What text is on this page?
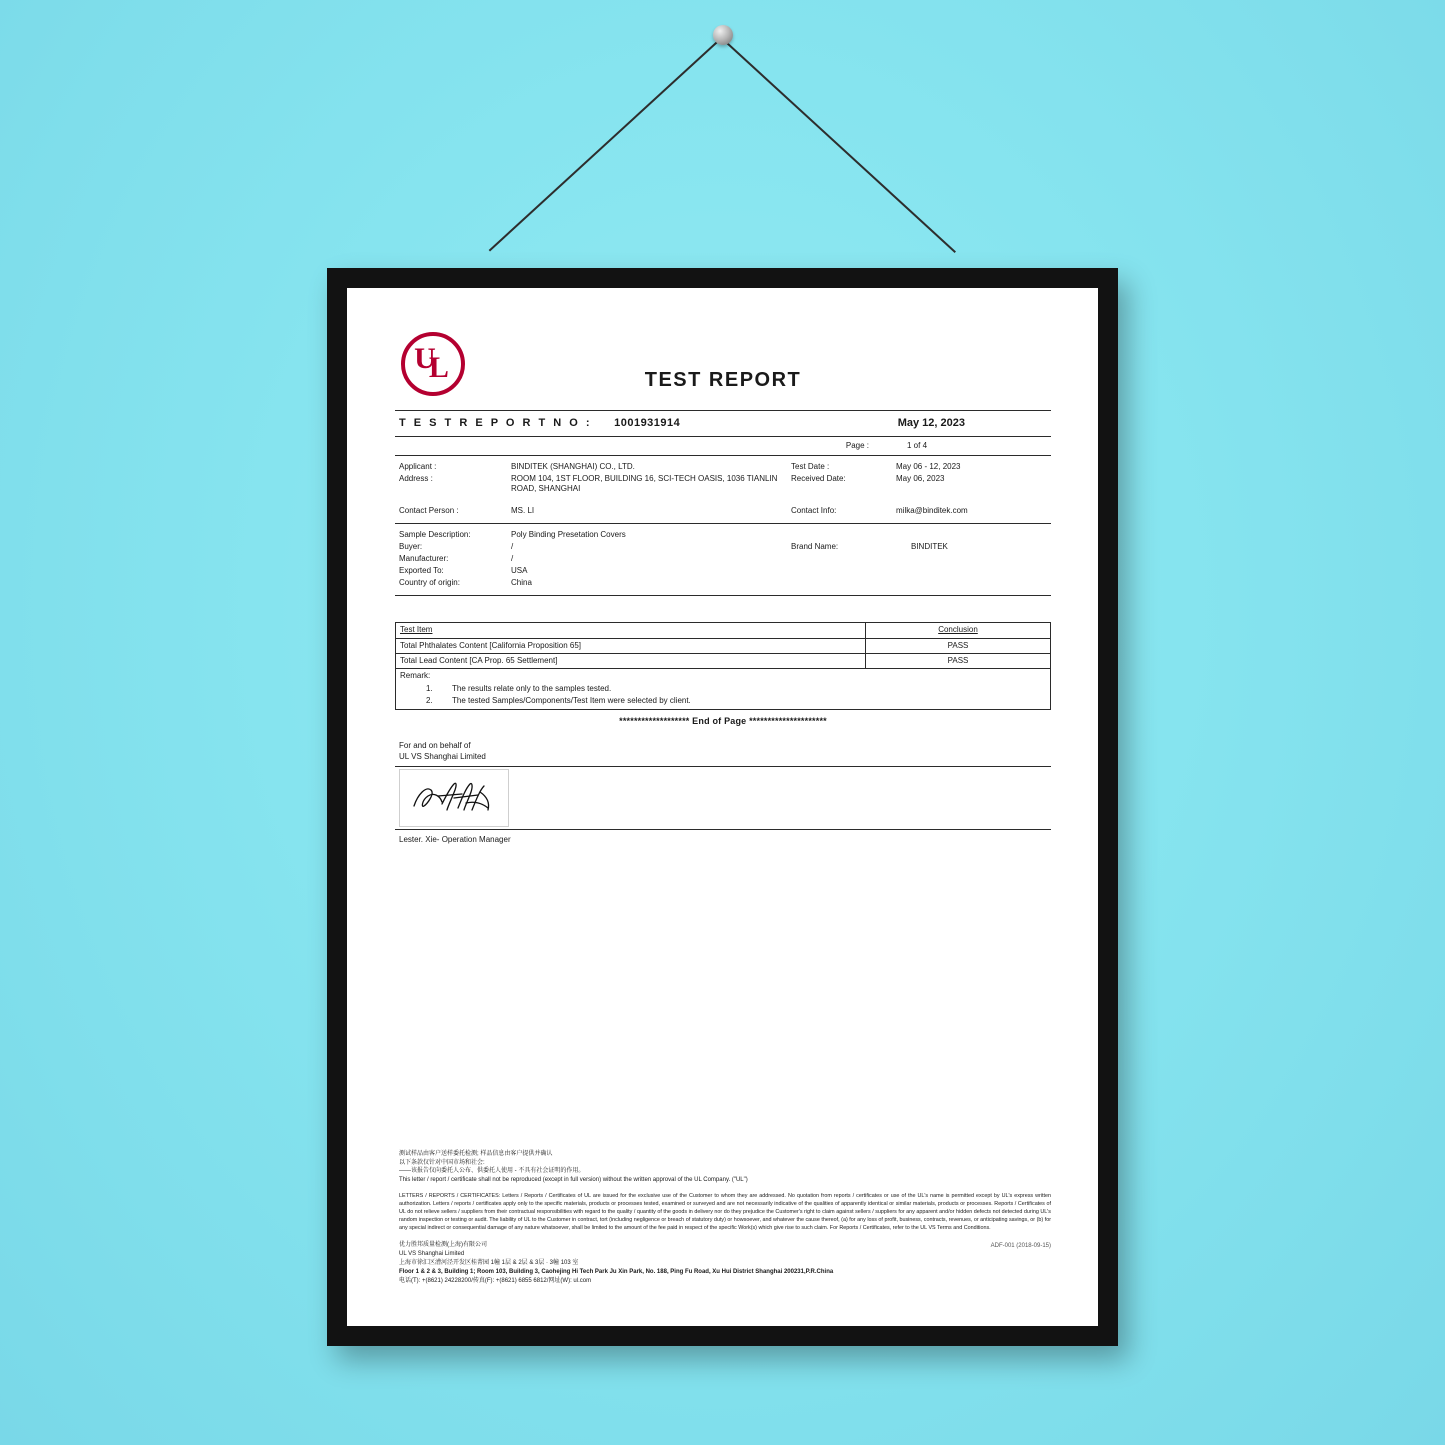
U
L	TEST REPORT
T E S T R E P O R T N O : 1001931914	May 12, 2023
Page :	1 of 4
Applicant :	BINDITEK (SHANGHAI) CO., LTD.	Test Date :	May 06 - 12, 2023
Address :	ROOM 104, 1ST FLOOR, BUILDING 16, SCI-TECH OASIS, 1036 TIANLIN ROAD, SHANGHAI
Received Date:	May 06, 2023
Contact Person :	MS. LI	Contact Info:	milka@binditek.com
Sample Description:	Poly Binding Presetation Covers
Buyer:	/	Brand Name:	BINDITEK
Manufacturer:	/
Exported To:	USA
Country of origin:	China
Test Item	Conclusion
Total Phthalates Content [California Proposition 65]	PASS
Total Lead Content [CA Prop. 65 Settlement]	PASS

Remark:
1.	The results relate only to the samples tested.
2.	The tested Samples/Components/Test Item were selected by client.
******************* End of Page *********************
For and on behalf of
UL VS Shanghai Limited
Lester. Xie- Operation Manager
测试样品由客户送样委托检测; 样品信息由客户提供并确认
以下条款仅针对中国市场和社会:
——该报告仅向委托人公布、供委托人使用 - 不具有社会证明的作用。
This letter / report / certificate shall not be reproduced (except in full version) without the written approval of the UL Company. ("UL")
LETTERS / REPORTS / CERTIFICATES: Letters / Reports / Certificates of UL are issued for the exclusive use of the Customer to whom they are addressed. No quotation from reports / certificates or use of the UL's name is permitted except by UL's express written authorization. Letters / reports / certificates apply only to the specific materials, products or processes tested, examined or surveyed and are not necessarily indicative of the qualities of apparently identical or similar materials, products or processes. Reports / Certificates of UL do not relieve sellers / suppliers from their contractual responsibilities with regard to the quality / quantity of the goods in delivery nor do they prejudice the Customer's right to claim against sellers / suppliers for any apparent and/or hidden defects not detected during UL's random inspection or testing or audit. The liability of UL to the Customer in contract, tort (including negligence or breach of statutory duty) or howsoever, and whatever the cause thereof, (a) for any loss of profit, business, contracts, revenues, or anticipating savings, or (b) for any special indirect or consequential damage of any nature whatsoever, shall be limited to the amount of the fee paid in respect of the specific Work(s) which give rise to such claim. For Reports / Certificates, refer to the UL VS Terms and Conditions.
优力胜邦质量检测(上海)有限公司
UL VS Shanghai Limited
上海市徐汇区漕河泾开发区桂菁园 1幢 1层 & 2层 & 3层 · 3幢 103 室
Floor 1 & 2 & 3, Building 1; Room 103, Building 3, Caohejing Hi Tech Park Ju Xin Park, No. 188, Ping Fu Road, Xu Hui District Shanghai 200231,P.R.China
电话(T): +(8621) 24228200/传真(F): +(8621) 6855 6812/网址(W): ul.com
ADF-001 (2018-09-15)
